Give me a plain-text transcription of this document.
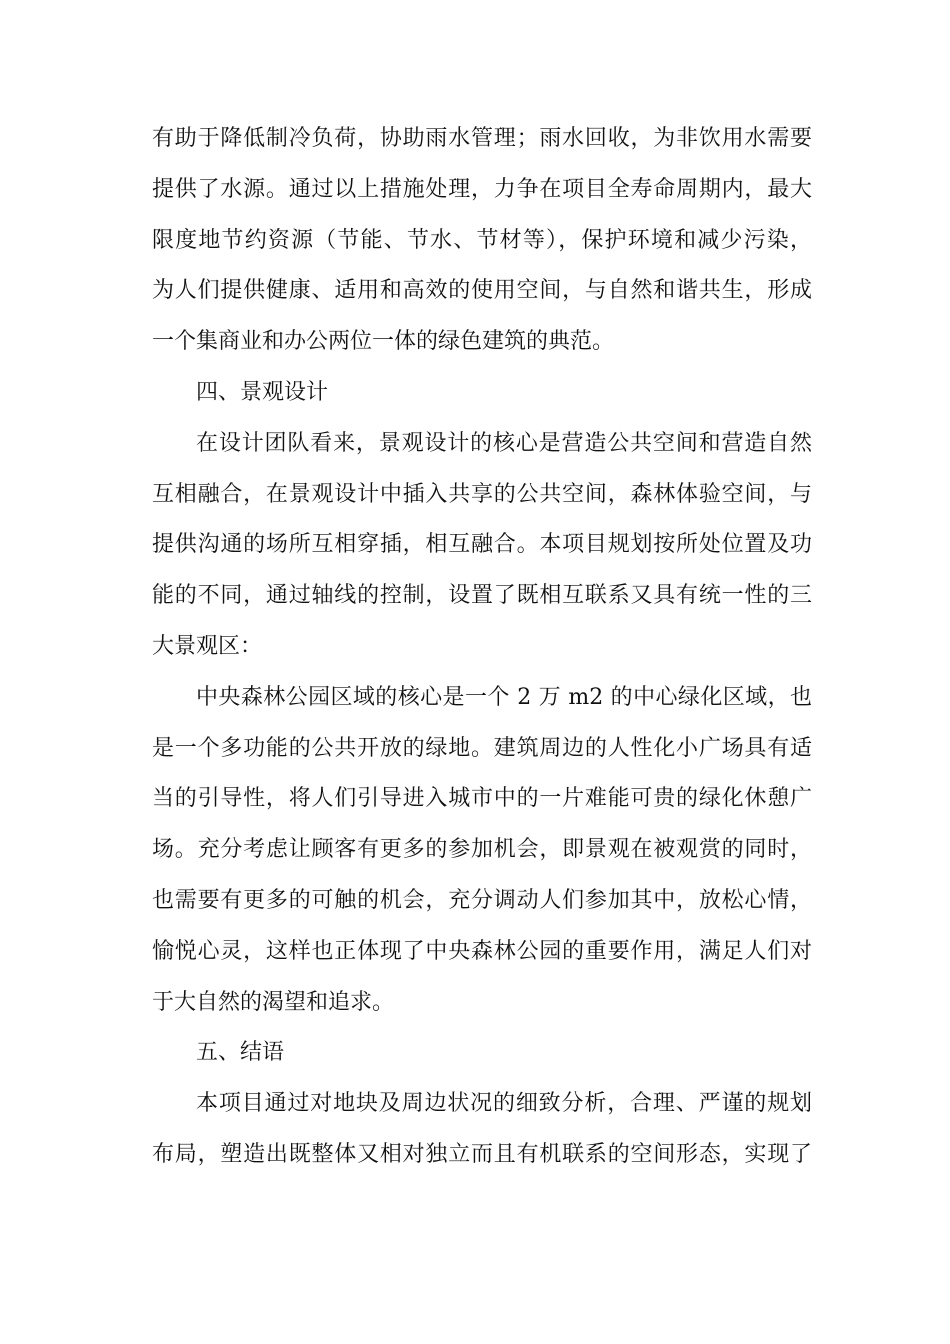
有助于降低制冷负荷，协助雨水管理；雨水回收，为非饮用水需要
提供了水源。通过以上措施处理，力争在项目全寿命周期内，最大
限度地节约资源（节能、节水、节材等），保护环境和减少污染，
为人们提供健康、适用和高效的使用空间，与自然和谐共生，形成
一个集商业和办公两位一体的绿色建筑的典范。
四、景观设计
在设计团队看来，景观设计的核心是营造公共空间和营造自然
互相融合，在景观设计中插入共享的公共空间，森林体验空间，与
提供沟通的场所互相穿插，相互融合。本项目规划按所处位置及功
能的不同，通过轴线的控制，设置了既相互联系又具有统一性的三
大景观区：
中央森林公园区域的核心是一个 2 万 m2 的中心绿化区域，也
是一个多功能的公共开放的绿地。建筑周边的人性化小广场具有适
当的引导性，将人们引导进入城市中的一片难能可贵的绿化休憩广
场。充分考虑让顾客有更多的参加机会，即景观在被观赏的同时，
也需要有更多的可触的机会，充分调动人们参加其中，放松心情，
愉悦心灵，这样也正体现了中央森林公园的重要作用，满足人们对
于大自然的渴望和追求。
五、结语
本项目通过对地块及周边状况的细致分析，合理、严谨的规划
布局，塑造出既整体又相对独立而且有机联系的空间形态，实现了
